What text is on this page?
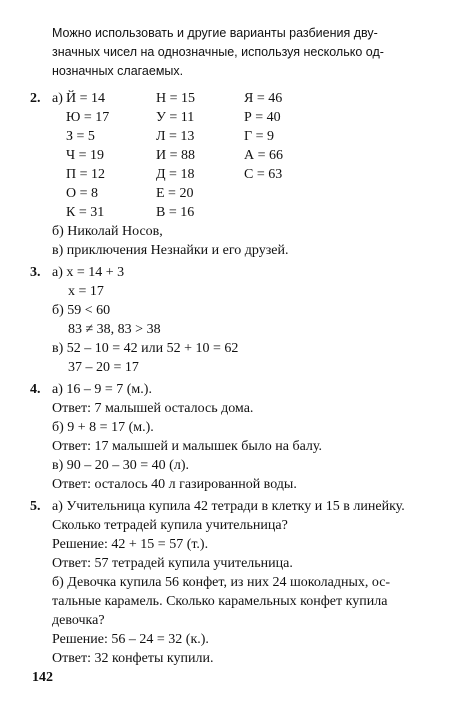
Можно использовать и другие варианты разбиения дву-
значных чисел на однозначные, используя несколько од-
нозначных слагаемых.
2. а) Й = 14
Ю = 17
З = 5
Ч = 19
П = 12
О = 8
К = 31
Н = 15
У = 11
Л = 13
И = 88
Д = 18
Е = 20
В = 16
Я = 46
Р = 40
Г = 9
А = 66
С = 63
б) Николай Носов,
в) приключения Незнайки и его друзей.
3. а) x = 14 + 3
x = 17
б) 59 < 60
83 ≠ 38, 83 > 38
в) 52 – 10 = 42 или 52 + 10 = 62
37 – 20 = 17
4. а) 16 – 9 = 7 (м.).
Ответ: 7 малышей осталось дома.
б) 9 + 8 = 17 (м.).
Ответ: 17 малышей и малышек было на балу.
в) 90 – 20 – 30 = 40 (л).
Ответ: осталось 40 л газированной воды.
5. а) Учительница купила 42 тетради в клетку и 15 в линейку.
Сколько тетрадей купила учительница?
Решение: 42 + 15 = 57 (т.).
Ответ: 57 тетрадей купила учительница.
б) Девочка купила 56 конфет, из них 24 шоколадных, ос-
тальные карамель. Сколько карамельных конфет купила
девочка?
Решение: 56 – 24 = 32 (к.).
Ответ: 32 конфеты купили.
142
